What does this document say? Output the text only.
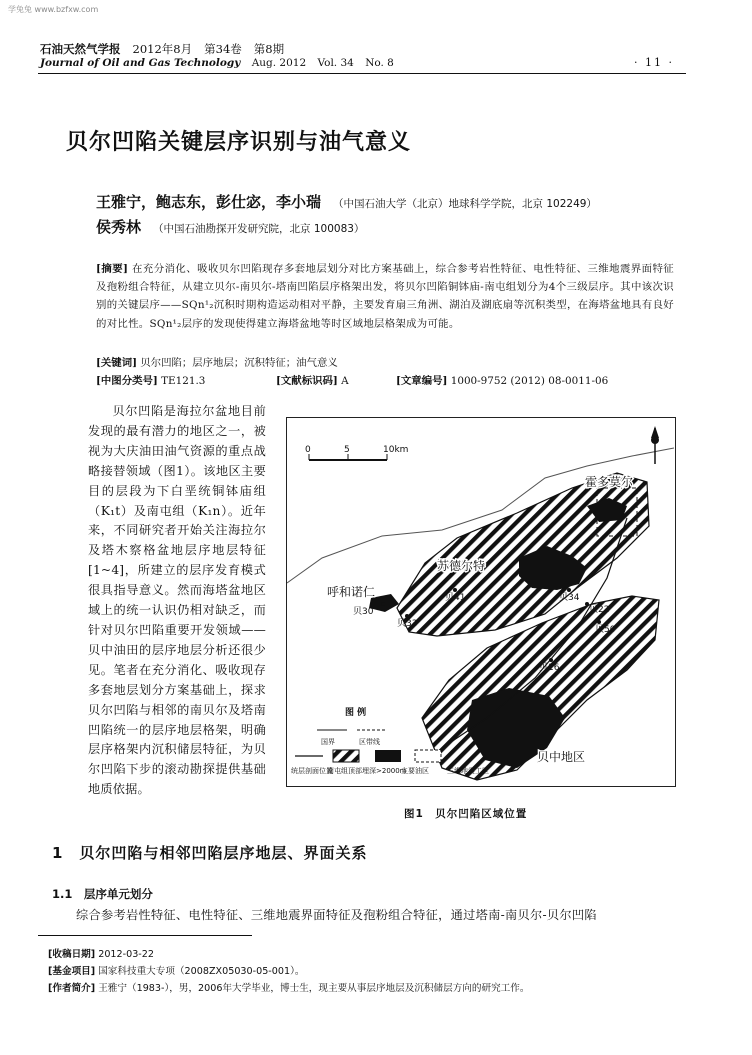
学兔兔 www.bzfxw.com
石油天然气学报 2012年8月 第34卷 第8期
Journal of Oil and Gas Technology Aug. 2012 Vol. 34 No. 8	· 11 ·
贝尔凹陷关键层序识别与油气意义
王雅宁，鲍志东，彭仕宓，李小瑞 （中国石油大学（北京）地球科学学院，北京 102249）
侯秀林 （中国石油勘探开发研究院，北京 100083）
[摘要] 在充分消化、吸收贝尔凹陷现存多套地层划分对比方案基础上，综合参考岩性特征、电性特征、三维地震界面特征及孢粉组合特征，从建立贝尔-南贝尔-塔南凹陷层序格架出发，将贝尔凹陷铜钵庙-南屯组划分为4个三级层序。其中该次识别的关键层序——SQn¹₂沉积时期构造运动相对平静，主要发育扇三角洲、湖泊及湖底扇等沉积类型，在海塔盆地具有良好的对比性。SQn¹₂层序的发现使得建立海塔盆地等时区域地层格架成为可能。
[关键词] 贝尔凹陷；层序地层；沉积特征；油气意义
[中图分类号] TE121.3	[文献标识码] A	[文章编号] 1000-9752 (2012) 08-0011-06
贝尔凹陷是海拉尔盆地目前发现的最有潜力的地区之一，被视为大庆油田油气资源的重点战略接替领域（图1）。该地区主要目的层段为下白垩统铜钵庙组（K₁t）及南屯组（K₁n）。近年来，不同研究者开始关注海拉尔及塔木察格盆地层序地层特征[1~4]，所建立的层序发育模式很具指导意义。然而海塔盆地区域上的统一认识仍相对缺乏，而针对贝尔凹陷重要开发领域——贝中油田的层序地层分析还很少见。笔者在充分消化、吸收现存多套地层划分方案基础上，探求贝尔凹陷与相邻的南贝尔及塔南凹陷统一的层序地层格架，明确层序格架内沉积储层特征，为贝尔凹陷下步的滚动勘探提供基础地质依据。
0	5	10km
霍多莫尔
苏德尔特
呼和诺仁
贝中地区
贝30
贝41
贝33
贝34
贝22
贝50
贝16
图 例
国界	区带线
统层剖面位置
南屯组顶部埋深>2000m
主要油区	三维地震工区
图1　贝尔凹陷区域位置
1　贝尔凹陷与相邻凹陷层序地层、界面关系
1.1　层序单元划分
综合参考岩性特征、电性特征、三维地震界面特征及孢粉组合特征，通过塔南-南贝尔-贝尔凹陷
[收稿日期] 2012-03-22
[基金项目] 国家科技重大专项（2008ZX05030-05-001）。
[作者简介] 王雅宁（1983-），男，2006年大学毕业，博士生，现主要从事层序地层及沉积储层方向的研究工作。
